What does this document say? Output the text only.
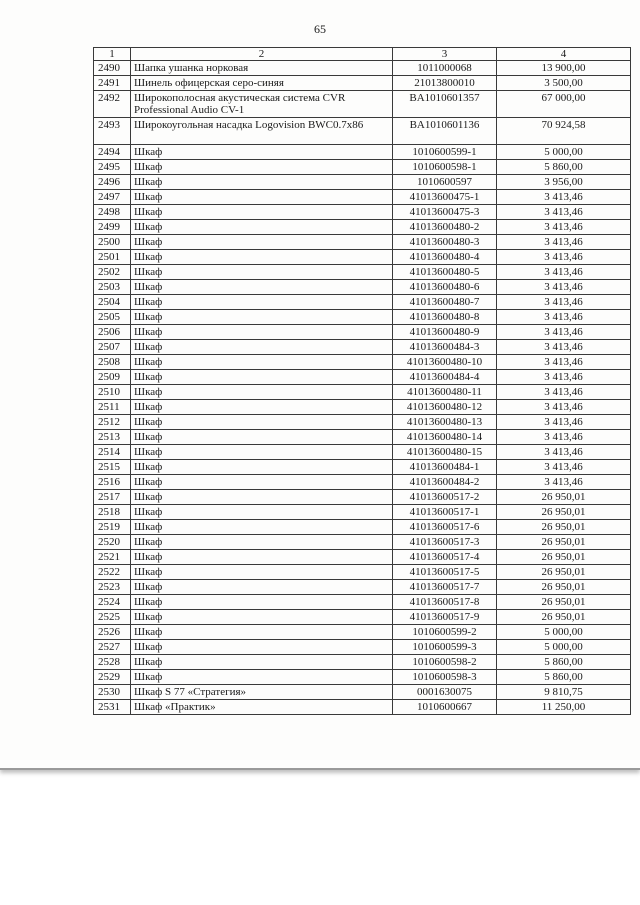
65
1	2	3	4
2490	Шапка ушанка норковая	1011000068	13 900,00
2491	Шинель офицерская серо-синяя	21013800010	3 500,00
2492	Широкополосная акустическая система CVR Professional Audio CV-1	BA1010601357	67 000,00
2493	Широкоугольная насадка Logovision BWC0.7x86	BA1010601136	70 924,58
2494	Шкаф	1010600599-1	5 000,00
2495	Шкаф	1010600598-1	5 860,00
2496	Шкаф	1010600597	3 956,00
2497	Шкаф	41013600475-1	3 413,46
2498	Шкаф	41013600475-3	3 413,46
2499	Шкаф	41013600480-2	3 413,46
2500	Шкаф	41013600480-3	3 413,46
2501	Шкаф	41013600480-4	3 413,46
2502	Шкаф	41013600480-5	3 413,46
2503	Шкаф	41013600480-6	3 413,46
2504	Шкаф	41013600480-7	3 413,46
2505	Шкаф	41013600480-8	3 413,46
2506	Шкаф	41013600480-9	3 413,46
2507	Шкаф	41013600484-3	3 413,46
2508	Шкаф	41013600480-10	3 413,46
2509	Шкаф	41013600484-4	3 413,46
2510	Шкаф	41013600480-11	3 413,46
2511	Шкаф	41013600480-12	3 413,46
2512	Шкаф	41013600480-13	3 413,46
2513	Шкаф	41013600480-14	3 413,46
2514	Шкаф	41013600480-15	3 413,46
2515	Шкаф	41013600484-1	3 413,46
2516	Шкаф	41013600484-2	3 413,46
2517	Шкаф	41013600517-2	26 950,01
2518	Шкаф	41013600517-1	26 950,01
2519	Шкаф	41013600517-6	26 950,01
2520	Шкаф	41013600517-3	26 950,01
2521	Шкаф	41013600517-4	26 950,01
2522	Шкаф	41013600517-5	26 950,01
2523	Шкаф	41013600517-7	26 950,01
2524	Шкаф	41013600517-8	26 950,01
2525	Шкаф	41013600517-9	26 950,01
2526	Шкаф	1010600599-2	5 000,00
2527	Шкаф	1010600599-3	5 000,00
2528	Шкаф	1010600598-2	5 860,00
2529	Шкаф	1010600598-3	5 860,00
2530	Шкаф S 77 «Стратегия»	0001630075	9 810,75
2531	Шкаф «Практик»	1010600667	11 250,00
